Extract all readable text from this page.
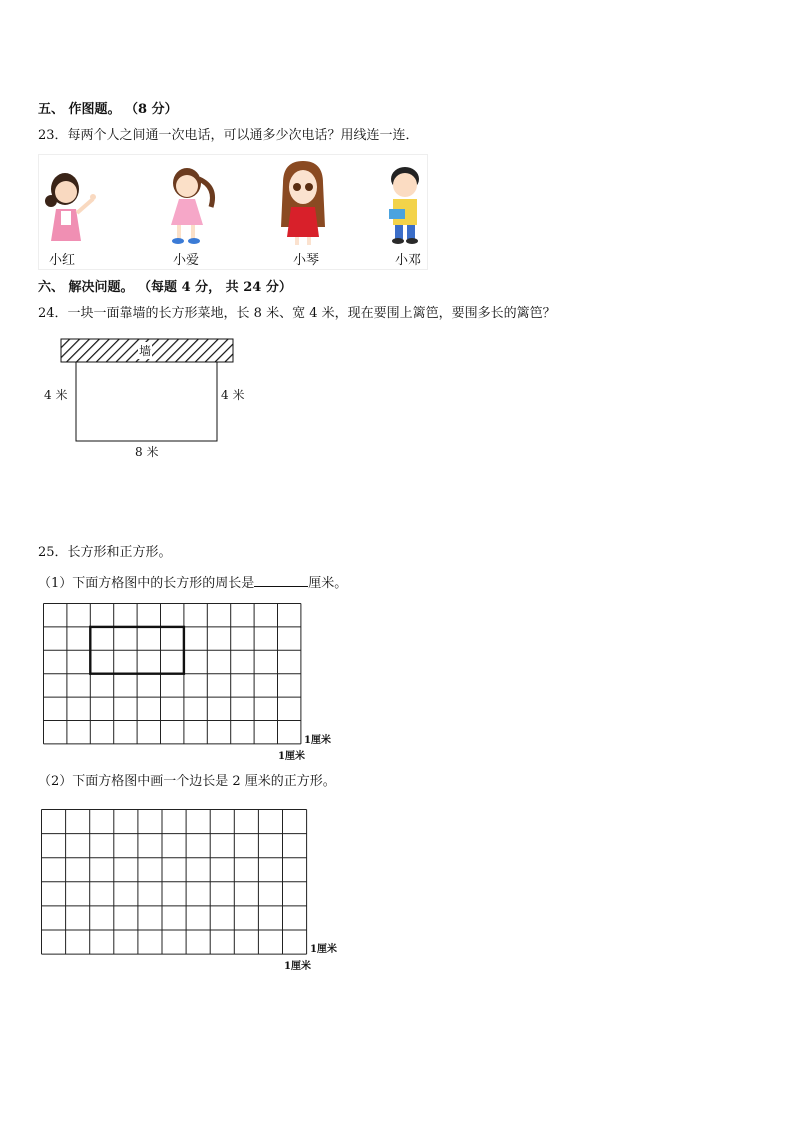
五、 作图题。 （8 分）
23．每两个人之间通一次电话，可以通多少次电话？用线连一连．
小红	小爱	小琴	小邓
六、 解决问题。 （每题 4 分， 共 24 分）
24．一块一面靠墙的长方形菜地，长 8 米、宽 4 米，现在要围上篱笆，要围多长的篱笆？
墙
4 米	4 米
8 米
25．长方形和正方形。
（1）下面方格图中的长方形的周长是	厘米。
1厘米
1厘米
（2）下面方格图中画一个边长是 2 厘米的正方形。
1厘米
1厘米
